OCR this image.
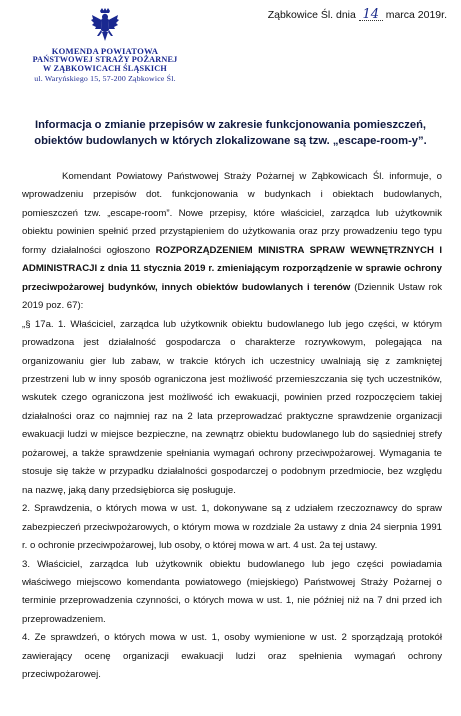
KOMENDA POWIATOWA
PAŃSTWOWEJ STRAŻY POŻARNEJ
W ZĄBKOWICACH ŚLĄSKICH
ul. Waryńskiego 15, 57-200 Ząbkowice Śl.
Ząbkowice Śl. dnia 14 marca 2019r.
Informacja o zmianie przepisów w zakresie funkcjonowania pomieszczeń,
obiektów budowlanych w których zlokalizowane są tzw. „escape-room-y”.

Komendant Powiatowy Państwowej Straży Pożarnej w Ząbkowicach Śl. informuje, o wprowadzeniu przepisów dot. funkcjonowania w budynkach i obiektach budowlanych, pomieszczeń tzw. „escape-room”. Nowe przepisy, które właściciel, zarządca lub użytkownik obiektu powinien spełnić przed przystąpieniem do użytkowania oraz przy prowadzeniu tego typu formy działalności ogłoszono ROZPORZĄDZENIEM MINISTRA SPRAW WEWNĘTRZNYCH I ADMINISTRACJI z dnia 11 stycznia 2019 r. zmieniającym rozporządzenie w sprawie ochrony przeciwpożarowej budynków, innych obiektów budowlanych i terenów (Dziennik Ustaw rok 2019 poz. 67):

„§ 17a. 1. Właściciel, zarządca lub użytkownik obiektu budowlanego lub jego części, w którym prowadzona jest działalność gospodarcza o charakterze rozrywkowym, polegająca na organizowaniu gier lub zabaw, w trakcie których ich uczestnicy uwalniają się z zamkniętej przestrzeni lub w inny sposób ograniczona jest możliwość przemieszczania się tych uczestników, wskutek czego ograniczona jest możliwość ich ewakuacji, powinien przed rozpoczęciem takiej działalności oraz co najmniej raz na 2 lata przeprowadzać praktyczne sprawdzenie organizacji ewakuacji ludzi w miejsce bezpieczne, na zewnątrz obiektu budowlanego lub do sąsiedniej strefy pożarowej, a także sprawdzenie spełniania wymagań ochrony przeciwpożarowej. Wymagania te stosuje się także w przypadku działalności gospodarczej o podobnym przedmiocie, bez względu na nazwę, jaką dany przedsiębiorca się posługuje.

2. Sprawdzenia, o których mowa w ust. 1, dokonywane są z udziałem rzeczoznawcy do spraw zabezpieczeń przeciwpożarowych, o którym mowa w rozdziale 2a ustawy z dnia 24 sierpnia 1991 r. o ochronie przeciwpożarowej, lub osoby, o której mowa w art. 4 ust. 2a tej ustawy.

3. Właściciel, zarządca lub użytkownik obiektu budowlanego lub jego części powiadamia właściwego miejscowo komendanta powiatowego (miejskiego) Państwowej Straży Pożarnej o terminie przeprowadzenia czynności, o których mowa w ust. 1, nie później niż na 7 dni przed ich przeprowadzeniem.

4. Ze sprawdzeń, o których mowa w ust. 1, osoby wymienione w ust. 2 sporządzają protokół zawierający ocenę organizacji ewakuacji ludzi oraz spełnienia wymagań ochrony przeciwpożarowej.
